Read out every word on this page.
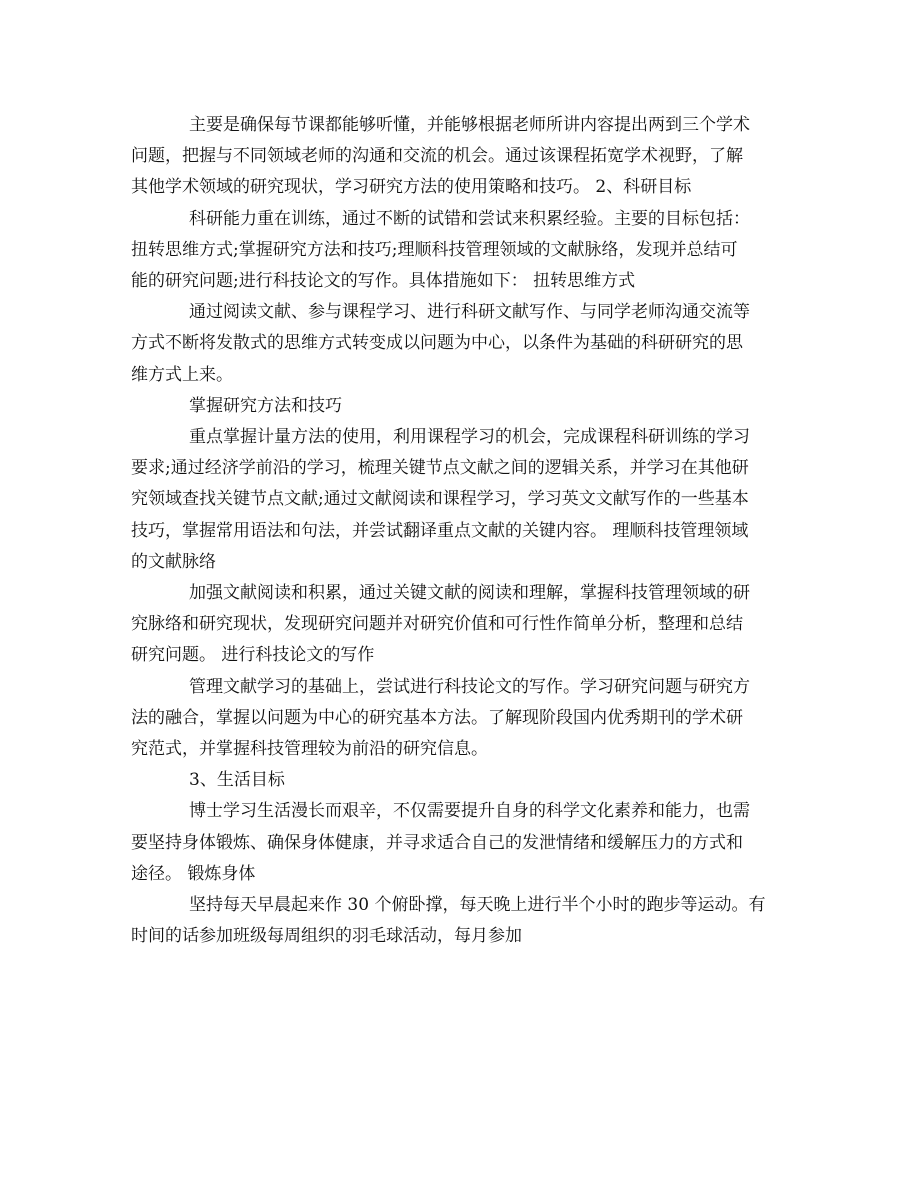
主要是确保每节课都能够听懂，并能够根据老师所讲内容提出两到三个学术
问题，把握与不同领域老师的沟通和交流的机会。通过该课程拓宽学术视野，了解
其他学术领域的研究现状，学习研究方法的使用策略和技巧。 2、科研目标
科研能力重在训练，通过不断的试错和尝试来积累经验。主要的目标包括：
扭转思维方式;掌握研究方法和技巧;理顺科技管理领域的文献脉络，发现并总结可
能的研究问题;进行科技论文的写作。具体措施如下： 扭转思维方式
通过阅读文献、参与课程学习、进行科研文献写作、与同学老师沟通交流等
方式不断将发散式的思维方式转变成以问题为中心，以条件为基础的科研研究的思
维方式上来。
掌握研究方法和技巧
重点掌握计量方法的使用，利用课程学习的机会，完成课程科研训练的学习
要求;通过经济学前沿的学习，梳理关键节点文献之间的逻辑关系，并学习在其他研
究领域查找关键节点文献;通过文献阅读和课程学习，学习英文文献写作的一些基本
技巧，掌握常用语法和句法，并尝试翻译重点文献的关键内容。 理顺科技管理领域
的文献脉络
加强文献阅读和积累，通过关键文献的阅读和理解，掌握科技管理领域的研
究脉络和研究现状，发现研究问题并对研究价值和可行性作简单分析，整理和总结
研究问题。 进行科技论文的写作
管理文献学习的基础上，尝试进行科技论文的写作。学习研究问题与研究方
法的融合，掌握以问题为中心的研究基本方法。了解现阶段国内优秀期刊的学术研
究范式，并掌握科技管理较为前沿的研究信息。
3、生活目标
博士学习生活漫长而艰辛，不仅需要提升自身的科学文化素养和能力，也需
要坚持身体锻炼、确保身体健康，并寻求适合自己的发泄情绪和缓解压力的方式和
途径。 锻炼身体
坚持每天早晨起来作 30 个俯卧撑，每天晚上进行半个小时的跑步等运动。有
时间的话参加班级每周组织的羽毛球活动，每月参加
